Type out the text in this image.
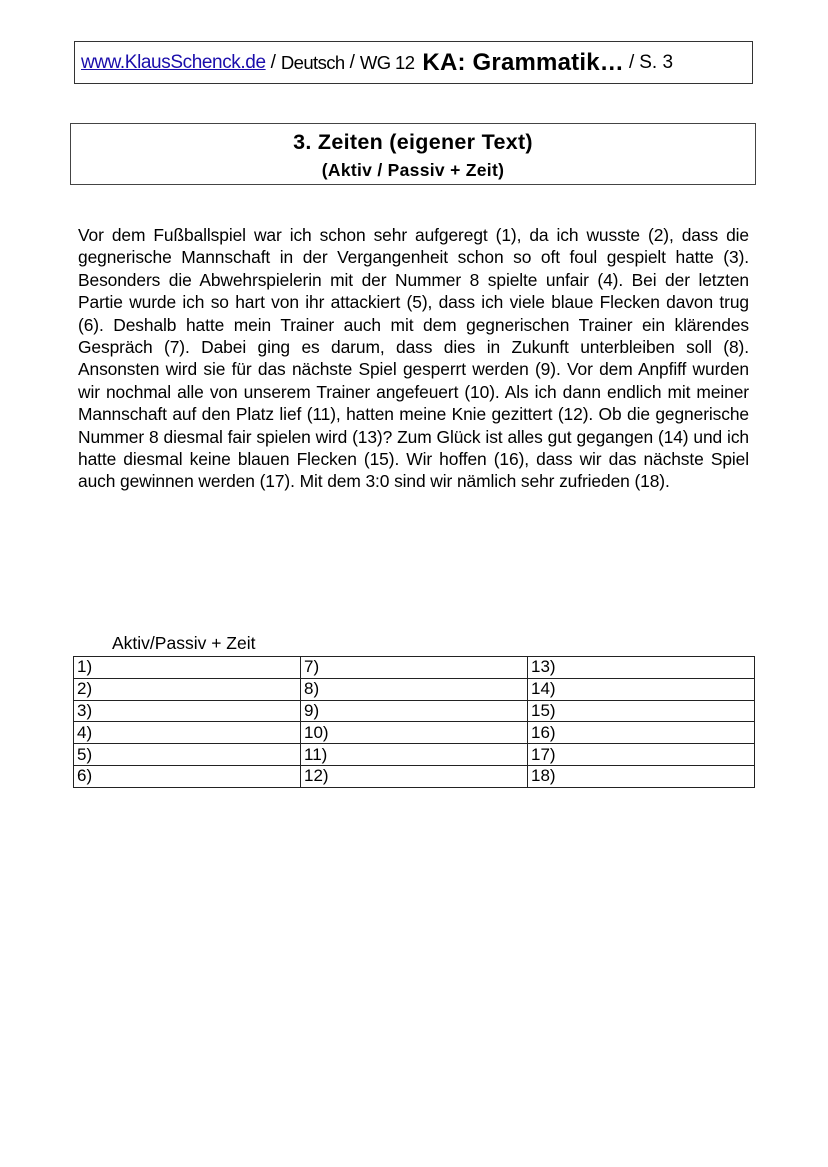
www.KlausSchenck.de / Deutsch / WG 12 KA: Grammatik… / S. 3
3. Zeiten (eigener Text)
(Aktiv / Passiv + Zeit)

Vor dem Fußballspiel war ich schon sehr aufgeregt (1), da ich wusste (2), dass die gegnerische Mannschaft in der Vergangenheit schon so oft foul gespielt hatte (3). Besonders die Abwehrspielerin mit der Nummer 8 spielte unfair (4). Bei der letzten Partie wurde ich so hart von ihr attackiert (5), dass ich viele blaue Flecken davon trug (6). Deshalb hatte mein Trainer auch mit dem gegnerischen Trainer ein klärendes Gespräch (7). Dabei ging es darum, dass dies in Zukunft unterbleiben soll (8). Ansonsten wird sie für das nächste Spiel gesperrt werden (9). Vor dem Anpfiff wurden wir nochmal alle von unserem Trainer angefeuert (10). Als ich dann endlich mit meiner Mannschaft auf den Platz lief (11), hatten meine Knie gezittert (12). Ob die gegnerische Nummer 8 diesmal fair spielen wird (13)? Zum Glück ist alles gut gegangen (14) und ich hatte diesmal keine blauen Flecken (15). Wir hoffen (16), dass wir das nächste Spiel auch gewinnen werden (17). Mit dem 3:0 sind wir nämlich sehr zufrieden (18).

Aktiv/Passiv + Zeit
1)	7)	13)
2)	8)	14)
3)	9)	15)
4)	10)	16)
5)	11)	17)
6)	12)	18)
